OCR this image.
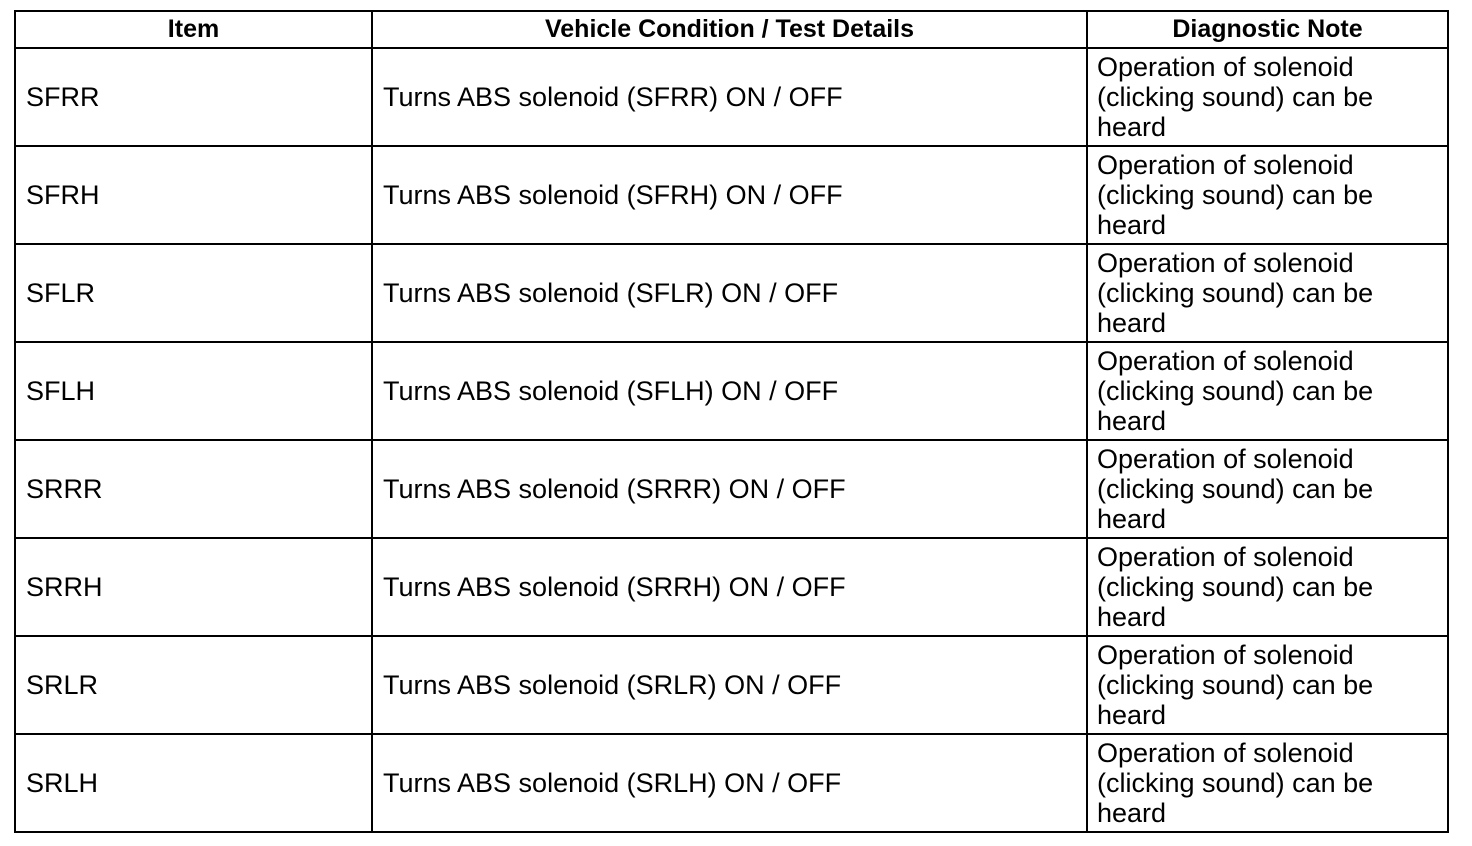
Item	Vehicle Condition / Test Details	Diagnostic Note
SFRR	Turns ABS solenoid (SFRR) ON / OFF	Operation of solenoid
(clicking sound) can be
heard

SFRH	Turns ABS solenoid (SFRH) ON / OFF	Operation of solenoid
(clicking sound) can be
heard

SFLR	Turns ABS solenoid (SFLR) ON / OFF	Operation of solenoid
(clicking sound) can be
heard

SFLH	Turns ABS solenoid (SFLH) ON / OFF	Operation of solenoid
(clicking sound) can be
heard

SRRR	Turns ABS solenoid (SRRR) ON / OFF	Operation of solenoid
(clicking sound) can be
heard

SRRH	Turns ABS solenoid (SRRH) ON / OFF	Operation of solenoid
(clicking sound) can be
heard

SRLR	Turns ABS solenoid (SRLR) ON / OFF	Operation of solenoid
(clicking sound) can be
heard

SRLH	Turns ABS solenoid (SRLH) ON / OFF	Operation of solenoid
(clicking sound) can be
heard
